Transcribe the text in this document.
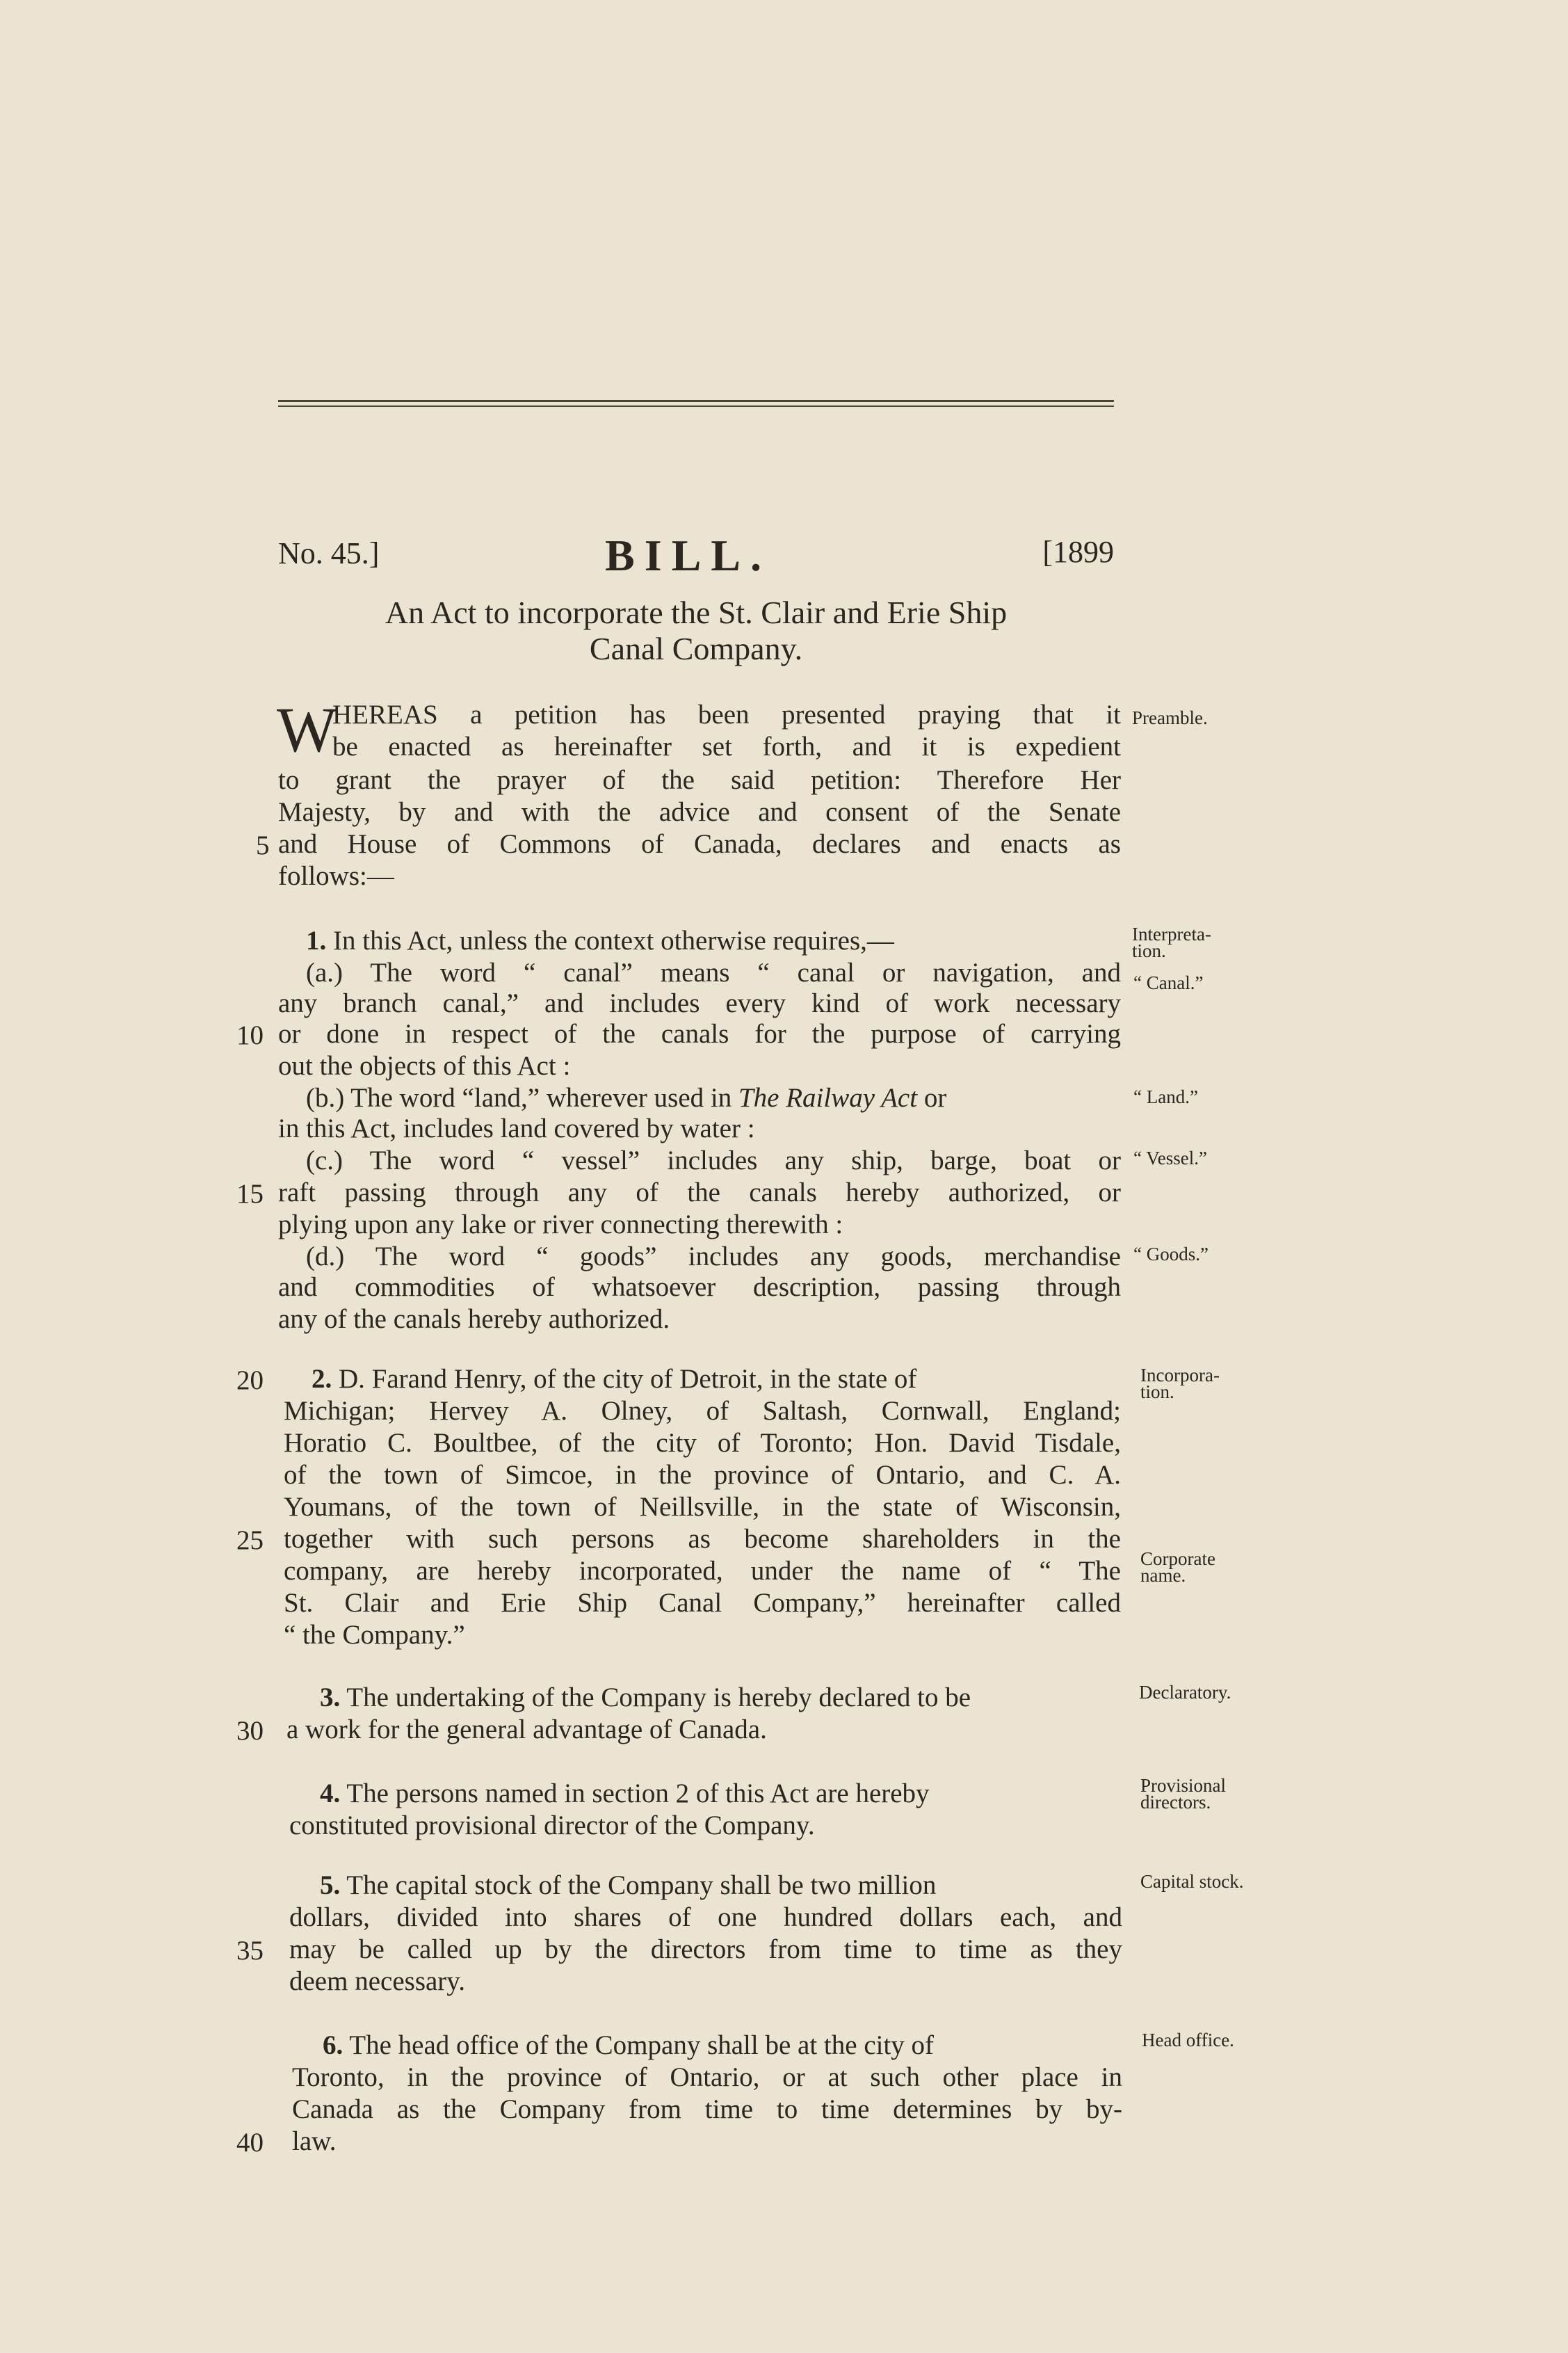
No. 45.]	BILL.	[1899
An Act to incorporate the St. Clair and Erie Ship
Canal Company.
W
HEREAS a petition has been presented praying that it
be enacted as hereinafter set forth, and it is expedient
to grant the prayer of the said petition: Therefore Her
Majesty, by and with the advice and consent of the Senate
and House of Commons of Canada, declares and enacts as
follows:—
1. In this Act, unless the context otherwise requires,—
(a.) The word “ canal” means “ canal or navigation, and
any branch canal,” and includes every kind of work necessary
or done in respect of the canals for the purpose of carrying
out the objects of this Act :
(b.) The word “land,” wherever used in The Railway Act or
in this Act, includes land covered by water :
(c.) The word “ vessel” includes any ship, barge, boat or
raft passing through any of the canals hereby authorized, or
plying upon any lake or river connecting therewith :
(d.) The word “ goods” includes any goods, merchandise
and commodities of whatsoever description, passing through
any of the canals hereby authorized.
2. D. Farand Henry, of the city of Detroit, in the state of
Michigan; Hervey A. Olney, of Saltash, Cornwall, England;
Horatio C. Boultbee, of the city of Toronto; Hon. David Tisdale,
of the town of Simcoe, in the province of Ontario, and C. A.
Youmans, of the town of Neillsville, in the state of Wisconsin,
together with such persons as become shareholders in the
company, are hereby incorporated, under the name of “ The
St. Clair and Erie Ship Canal Company,” hereinafter called
“ the Company.”
3. The undertaking of the Company is hereby declared to be
a work for the general advantage of Canada.
4. The persons named in section 2 of this Act are hereby
constituted provisional director of the Company.
5. The capital stock of the Company shall be two million
dollars, divided into shares of one hundred dollars each, and
may be called up by the directors from time to time as they
deem necessary.
6. The head office of the Company shall be at the city of
Toronto, in the province of Ontario, or at such other place in
Canada as the Company from time to time determines by by-
law.
5
10
15
20
25
30
35
40
Preamble.
Interpreta-
tion.
“ Canal.”
“ Land.”
“ Vessel.”
“ Goods.”
Incorpora-
tion.
Corporate
name.
Declaratory.
Provisional
directors.
Capital stock.
Head office.
